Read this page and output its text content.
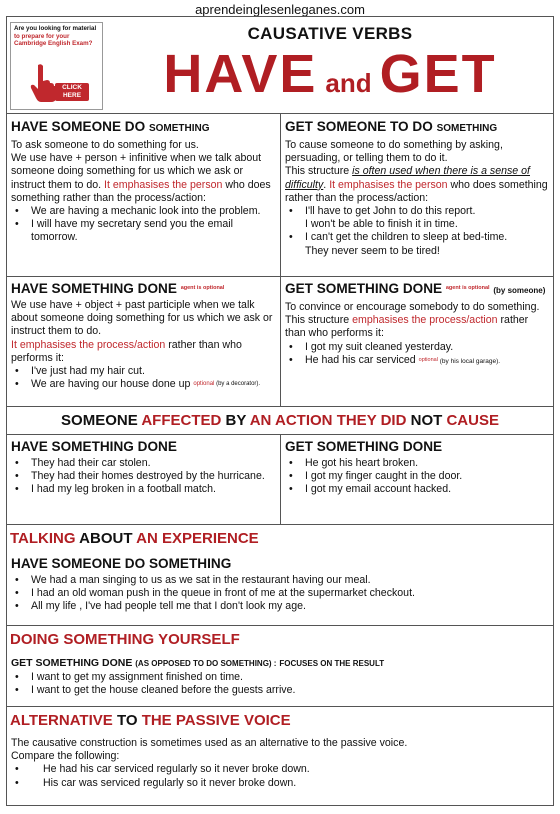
aprendeinglesenleganes.com
Are you looking for material
to prepare for your Cambridge English Exam?
CLICK HERE
CAUSATIVE VERBS
HAVE and GET
HAVE SOMEONE DO SOMETHING
To ask someone to do something for us.
We use have + person + infinitive when we talk about someone doing something for us which we ask or instruct them to do. It emphasises the person who does something rather than the process/action:
• We are having a mechanic look into the problem.
• I will have my secretary send you the email tomorrow.
GET SOMEONE TO DO SOMETHING
To cause someone to do something by asking, persuading, or telling them to do it.
This structure is often used when there is a sense of difficulty. It emphasises the person who does something rather than the process/action:
• I'll have to get John to do this report.
I won't be able to finish it in time.
• I can't get the children to sleep at bed-time.
They never seem to be tired!
HAVE SOMETHING DONE $^{agent is optional}$
We use have + object + past participle when we talk about someone doing something for us which we ask or instruct them to do.
It emphasises the process/action rather than who performs it:
• I've just had my hair cut.
• We are having our house done up $^{optional (by a decorator).}$
GET SOMETHING DONE $^{agent is optional}$ (by someone)
To convince or encourage somebody to do something.
This structure emphasises the process/action rather than who performs it:
• I got my suit cleaned yesterday.
• He had his car serviced $^{optional}$ (by his local garage).
SOMEONE AFFECTED BY AN ACTION THEY DID NOT CAUSE
HAVE SOMETHING DONE
• They had their car stolen.
• They had their homes destroyed by the hurricane.
• I had my leg broken in a football match.
GET SOMETHING DONE
• He got his heart broken.
• I got my finger caught in the door.
• I got my email account hacked.
TALKING ABOUT AN EXPERIENCE
HAVE SOMEONE DO SOMETHING
• We had a man singing to us as we sat in the restaurant having our meal.
• I had an old woman push in the queue in front of me at the supermarket checkout.
• All my life , I've had people tell me that I don't look my age.
DOING SOMETHING YOURSELF
GET SOMETHING DONE (AS OPPOSED TO DO SOMETHING) : FOCUSES ON THE RESULT
• I want to get my assignment finished on time.
• I want to get the house cleaned before the guests arrive.
ALTERNATIVE TO THE PASSIVE VOICE
The causative construction is sometimes used as an alternative to the passive voice.
Compare the following:
• He had his car serviced regularly so it never broke down.
• His car was serviced regularly so it never broke down.
